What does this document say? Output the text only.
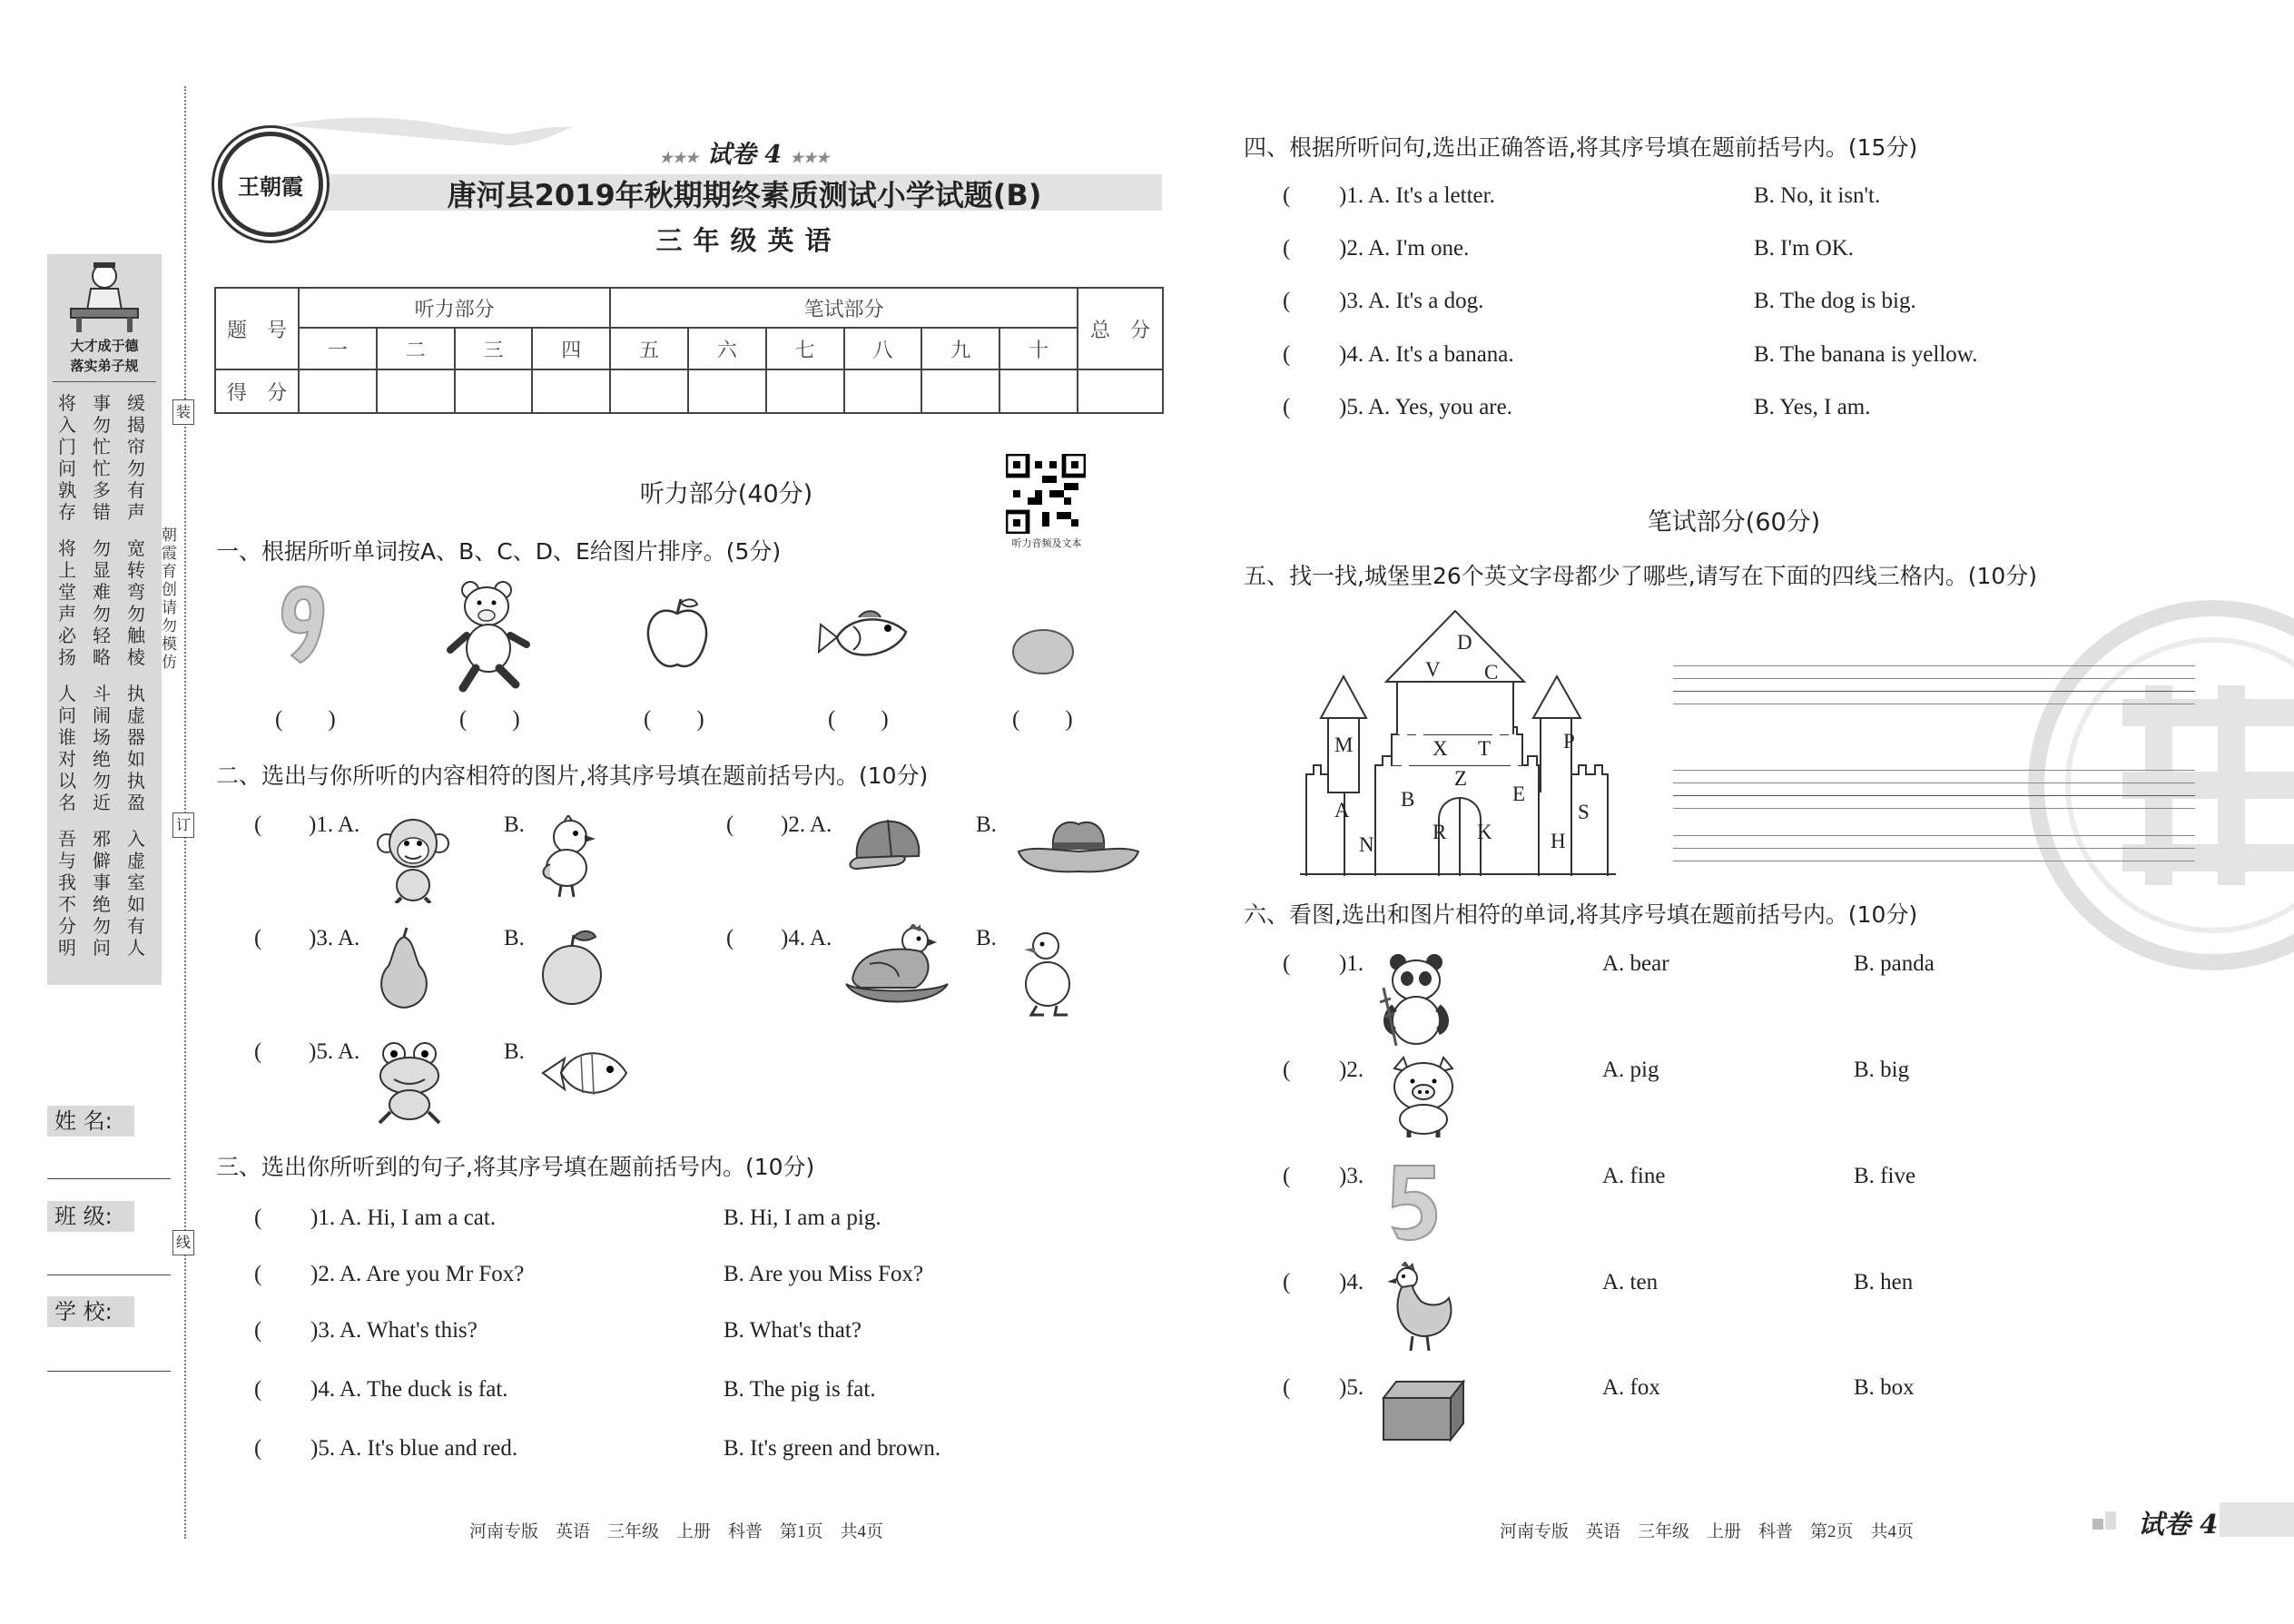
大才成于德
落实弟子规
将入门问孰存
事勿忙忙多错
缓揭帘勿有声
将上堂声必扬
勿显难勿轻略
宽转弯勿触棱
人问谁对以名
斗闹场绝勿近
执虚器如执盈
吾与我不分明
邪僻事绝勿问
入虚室如有人
朝霞育创 请勿模仿
装
订
线
姓 名:
班 级:
学 校:
王朝霞
★★★ 试卷 4 ★★★
唐河县2019年秋期期终素质测试小学试题(B)
三年级英语
题　号	听力部分				笔试部分						总　分
	一	二	三	四	五	六	七	八	九	十	
得　分											
听力部分(40分)
听力音频及文本
一、根据所听单词按A、B、C、D、E给图片排序。(5分)
(　　)	(　　)	(　　)	(　　)	(　　)
二、选出与你所听的内容相符的图片,将其序号填在题前括号内。(10分)
( )1. A.	B.	( )2. A.	B.
( )3. A.	B.	( )4. A.	B.
( )5. A.	B.
三、选出你所听到的句子,将其序号填在题前括号内。(10分)
( )1. A. Hi, I am a cat.	B. Hi, I am a pig.
( )2. A. Are you Mr Fox?	B. Are you Miss Fox?
( )3. A. What's this?	B. What's that?
( )4. A. The duck is fat.	B. The pig is fat.
( )5. A. It's blue and red.	B. It's green and brown.
河南专版　英语　三年级　上册　科普　第1页　共4页
四、根据所听问句,选出正确答语,将其序号填在题前括号内。(15分)
( )1. A. It's a letter.	B. No, it isn't.
( )2. A. I'm one.	B. I'm OK.
( )3. A. It's a dog.	B. The dog is big.
( )4. A. It's a banana.	B. The banana is yellow.
( )5. A. Yes, you are.	B. Yes, I am.
笔试部分(60分)
五、找一找,城堡里26个英文字母都少了哪些,请写在下面的四线三格内。(10分)
D
V C
M	X T	P
Z
B	E
A
R K
S
N	H
六、看图,选出和图片相符的单词,将其序号填在题前括号内。(10分)
( )1.	A. bear	B. panda
( )2.	A. pig	B. big
( )3.	A. fine	B. five
( )4.	A. ten	B. hen
( )5.	A. fox	B. box
河南专版　英语　三年级　上册　科普　第2页　共4页	试卷 4
